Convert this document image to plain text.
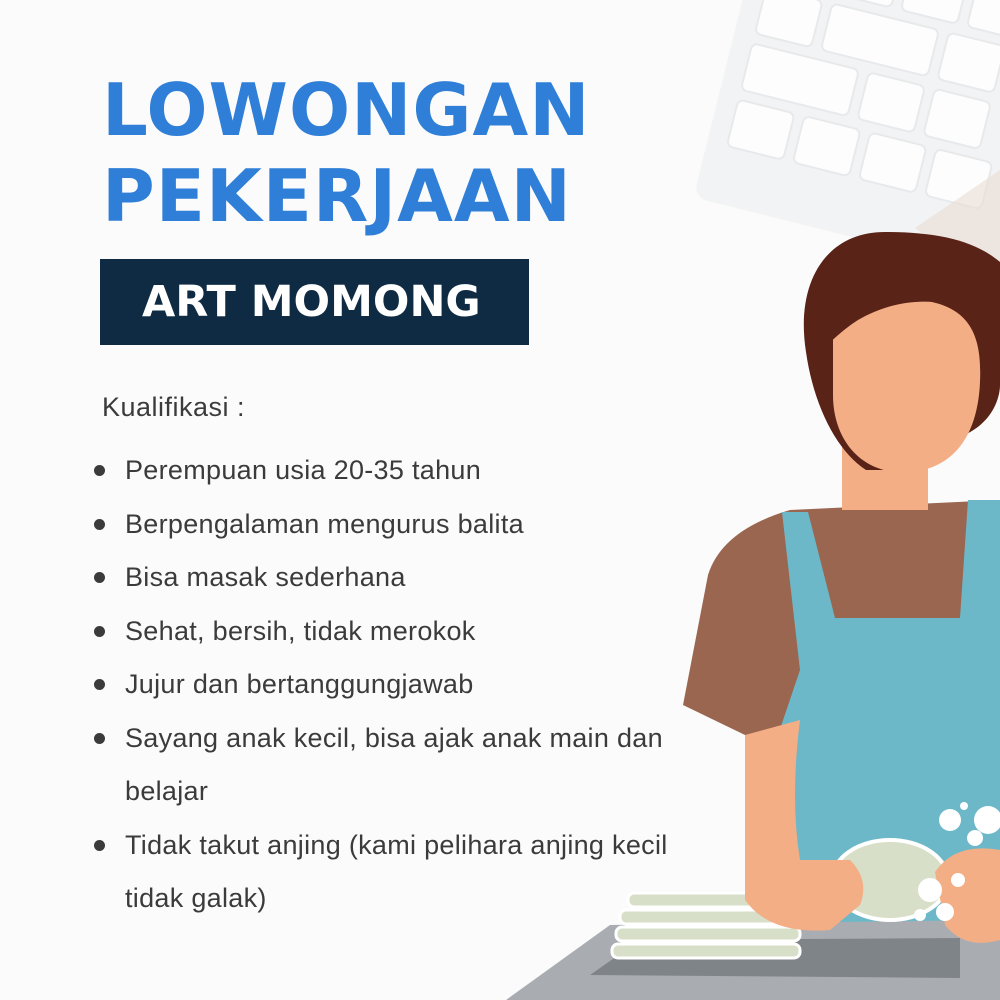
LOWONGAN
PEKERJAAN
ART MOMONG
Kualifikasi :
Perempuan usia 20-35 tahun
Berpengalaman mengurus balita
Bisa masak sederhana
Sehat, bersih, tidak merokok
Jujur dan bertanggungjawab
Sayang anak kecil, bisa ajak anak main dan belajar
Tidak takut anjing (kami pelihara anjing kecil tidak galak)
